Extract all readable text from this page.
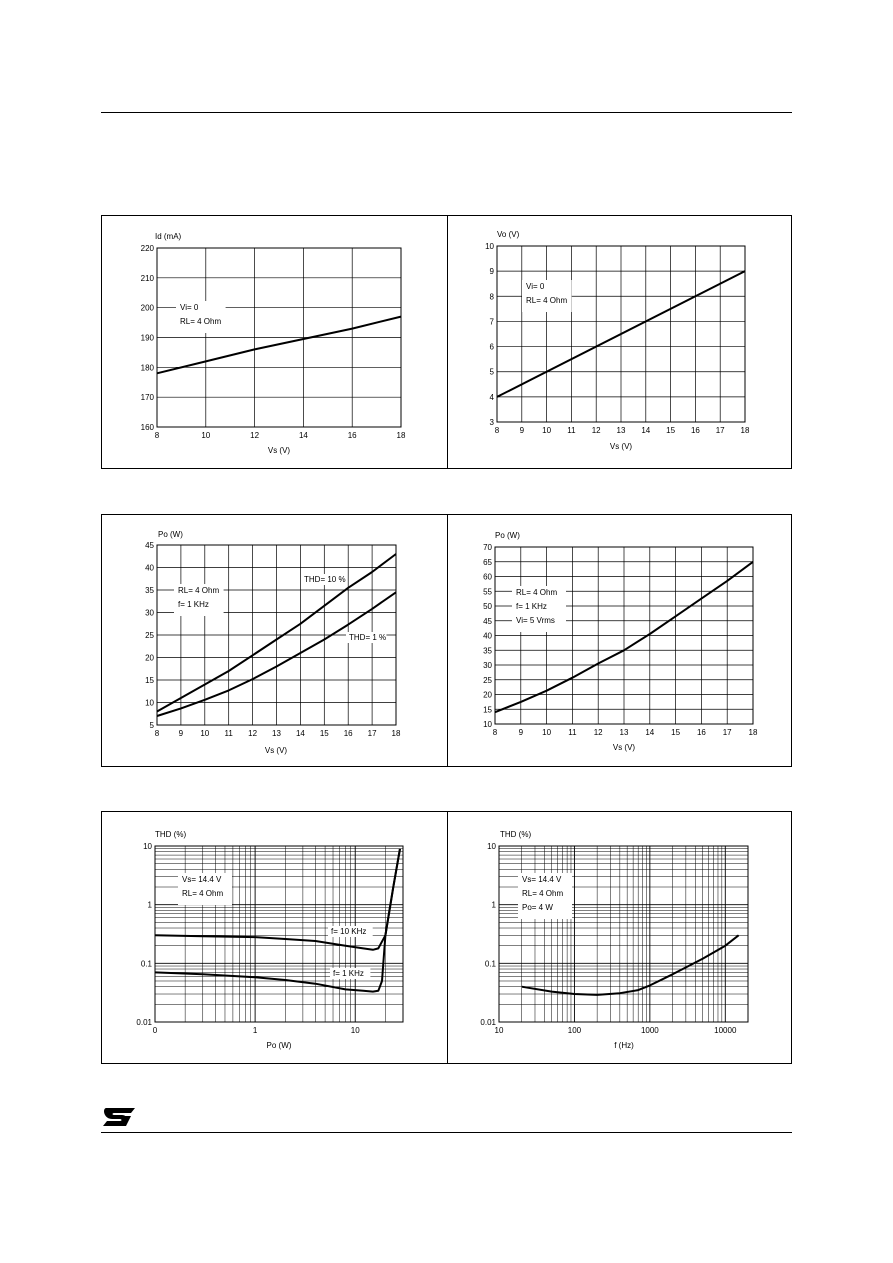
8	10	12	14	16	18
160
170
180
190
200
210
220
Id (mA)
Vs (V)
Vi= 0
RL= 4 Ohm
8	9 10 11 12 13 14 15 16 17 18
3
4
5
6
7
8
9
10
Vo (V)
Vs (V)
Vi= 0
RL= 4 Ohm
8 9 10 11 12 13 14 15 16 17 18
5
10
15
20
25
30
35
40
45
Po (W)
Vs (V)
THD= 10 %
THD= 1 %
RL= 4 Ohm
f= 1 KHz
8	9 10 11 12 13 14 15 16 17 18
10
15
20
25
30
35
40
45
50
55
60
65
70
Po (W)
Vs (V)
RL= 4 Ohm
f= 1 KHz
Vi= 5 Vrms
0	1	10
0.01
0.1
1
10
THD (%)
Po (W)
f= 10 KHz
f= 1 KHz
Vs= 14.4 V
RL= 4 Ohm
10	100	1000	10000
0.01
0.1
1
10
THD (%)
f (Hz)
Vs= 14.4 V
RL= 4 Ohm
Po= 4 W
